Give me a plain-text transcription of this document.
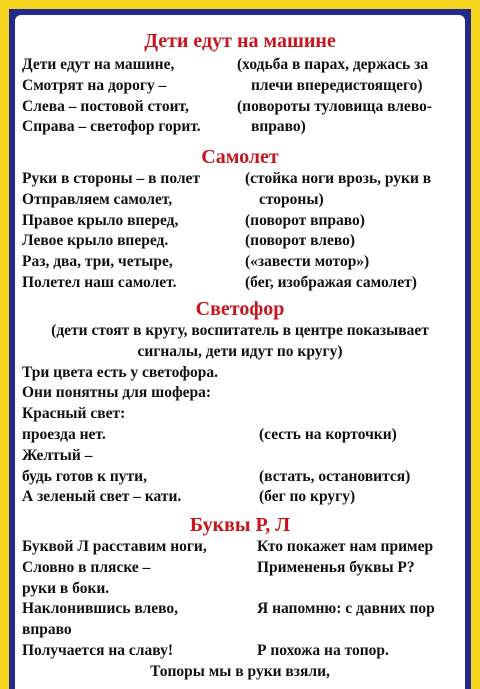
Дети едут на машине
Дети едут на машине,	(ходьба в парах, держась за
Смотрят на дорогу –	плечи впередистоящего)
Слева – постовой стоит,	(повороты туловища влево-
Справа – светофор горит.	вправо)
Самолет
Руки в стороны – в полет	(стойка ноги врозь, руки в
Отправляем самолет,	стороны)
Правое крыло вперед,	(поворот вправо)
Левое крыло вперед.	(поворот влево)
Раз, два, три, четыре,	(«завести мотор»)
Полетел наш самолет.	(бег, изображая самолет)
Светофор
(дети стоят в кругу, воспитатель в центре показывает
сигналы, дети идут по кругу)
Три цвета есть у светофора.
Они понятны для шофера:
Красный свет:
проезда нет.	(сесть на корточки)
Желтый –
будь готов к пути,	(встать, остановится)
А зеленый свет – кати.	(бег по кругу)
Буквы Р, Л
Буквой Л расставим ноги,	Кто покажет нам пример
Словно в пляске –	Примененья буквы Р?
руки в боки.
Наклонившись влево,	Я напомню: с давних пор
вправо
Получается на славу!	Р похожа на топор.
Топоры мы в руки взяли,
